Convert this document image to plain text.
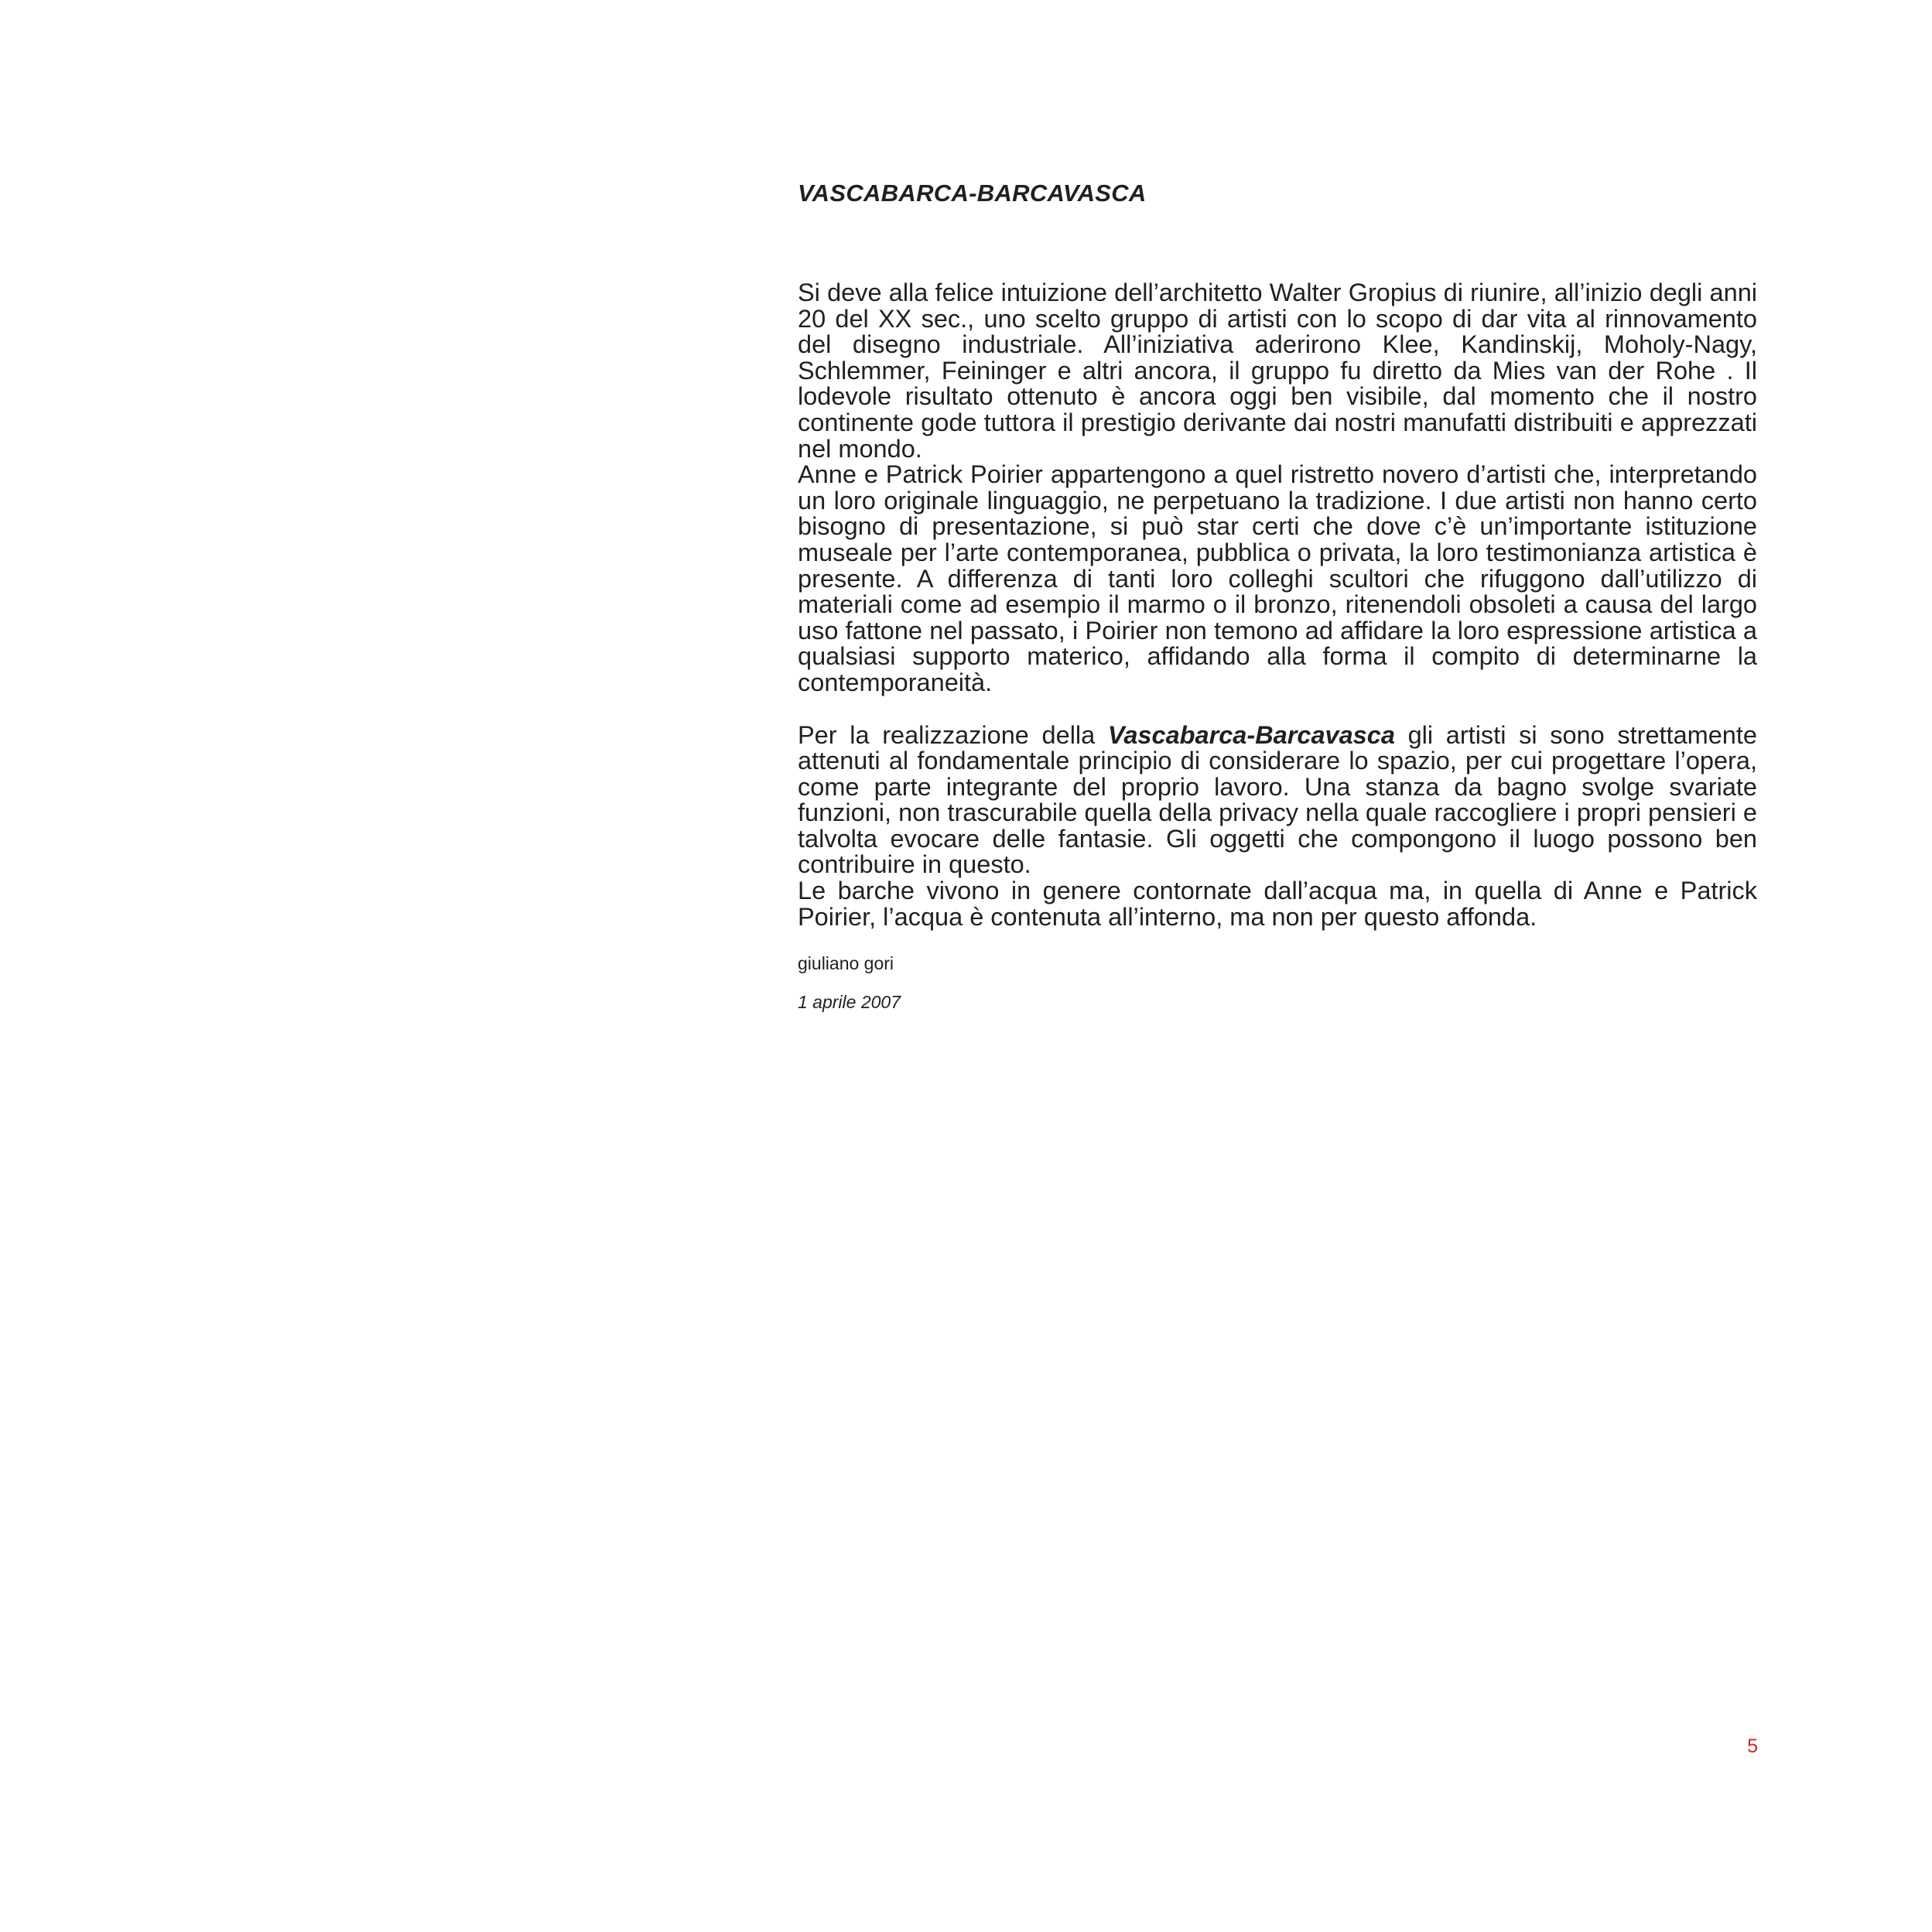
VASCABARCA-BARCAVASCA

Si deve alla felice intuizione dell’architetto Walter Gropius di riunire, all’inizio degli anni 20 del XX sec., uno scelto gruppo di artisti con lo scopo di dar vita al rinnovamento del disegno industriale. All’iniziativa aderirono Klee, Kandinskij, Moholy-Nagy, Schlemmer, Feininger e altri ancora, il gruppo fu diretto da Mies van der Rohe . Il lodevole risultato ottenuto è ancora oggi ben visibile, dal momento che il nostro continente gode tuttora il prestigio derivante dai nostri manufatti distribuiti e apprezzati nel mondo.

Anne e Patrick Poirier appartengono a quel ristretto novero d’artisti che, interpretando un loro originale linguaggio, ne perpetuano la tradizione. I due artisti non hanno certo bisogno di presentazione, si può star certi che dove c’è un’importante istituzione museale per l’arte contemporanea, pubblica o privata, la loro testimonianza artistica è presente. A differenza di tanti loro colleghi scultori che rifuggono dall’utilizzo di materiali come ad esempio il marmo o il bronzo, ritenendoli obsoleti a causa del largo uso fattone nel passato, i Poirier non temono ad affidare la loro espressione artistica a qualsiasi supporto materico, affidando alla forma il compito di determinarne la contemporaneità.

Per la realizzazione della Vascabarca-Barcavasca gli artisti si sono strettamente attenuti al fondamentale principio di considerare lo spazio, per cui progettare l’opera, come parte integrante del proprio lavoro. Una stanza da bagno svolge svariate funzioni, non trascurabile quella della privacy nella quale raccogliere i propri pensieri e talvolta evocare delle fantasie. Gli oggetti che compongono il luogo possono ben contribuire in questo.

Le barche vivono in genere contornate dall’acqua ma, in quella di Anne e Patrick Poirier, l’acqua è contenuta all’interno, ma non per questo affonda.

giuliano gori
1 aprile 2007
5
